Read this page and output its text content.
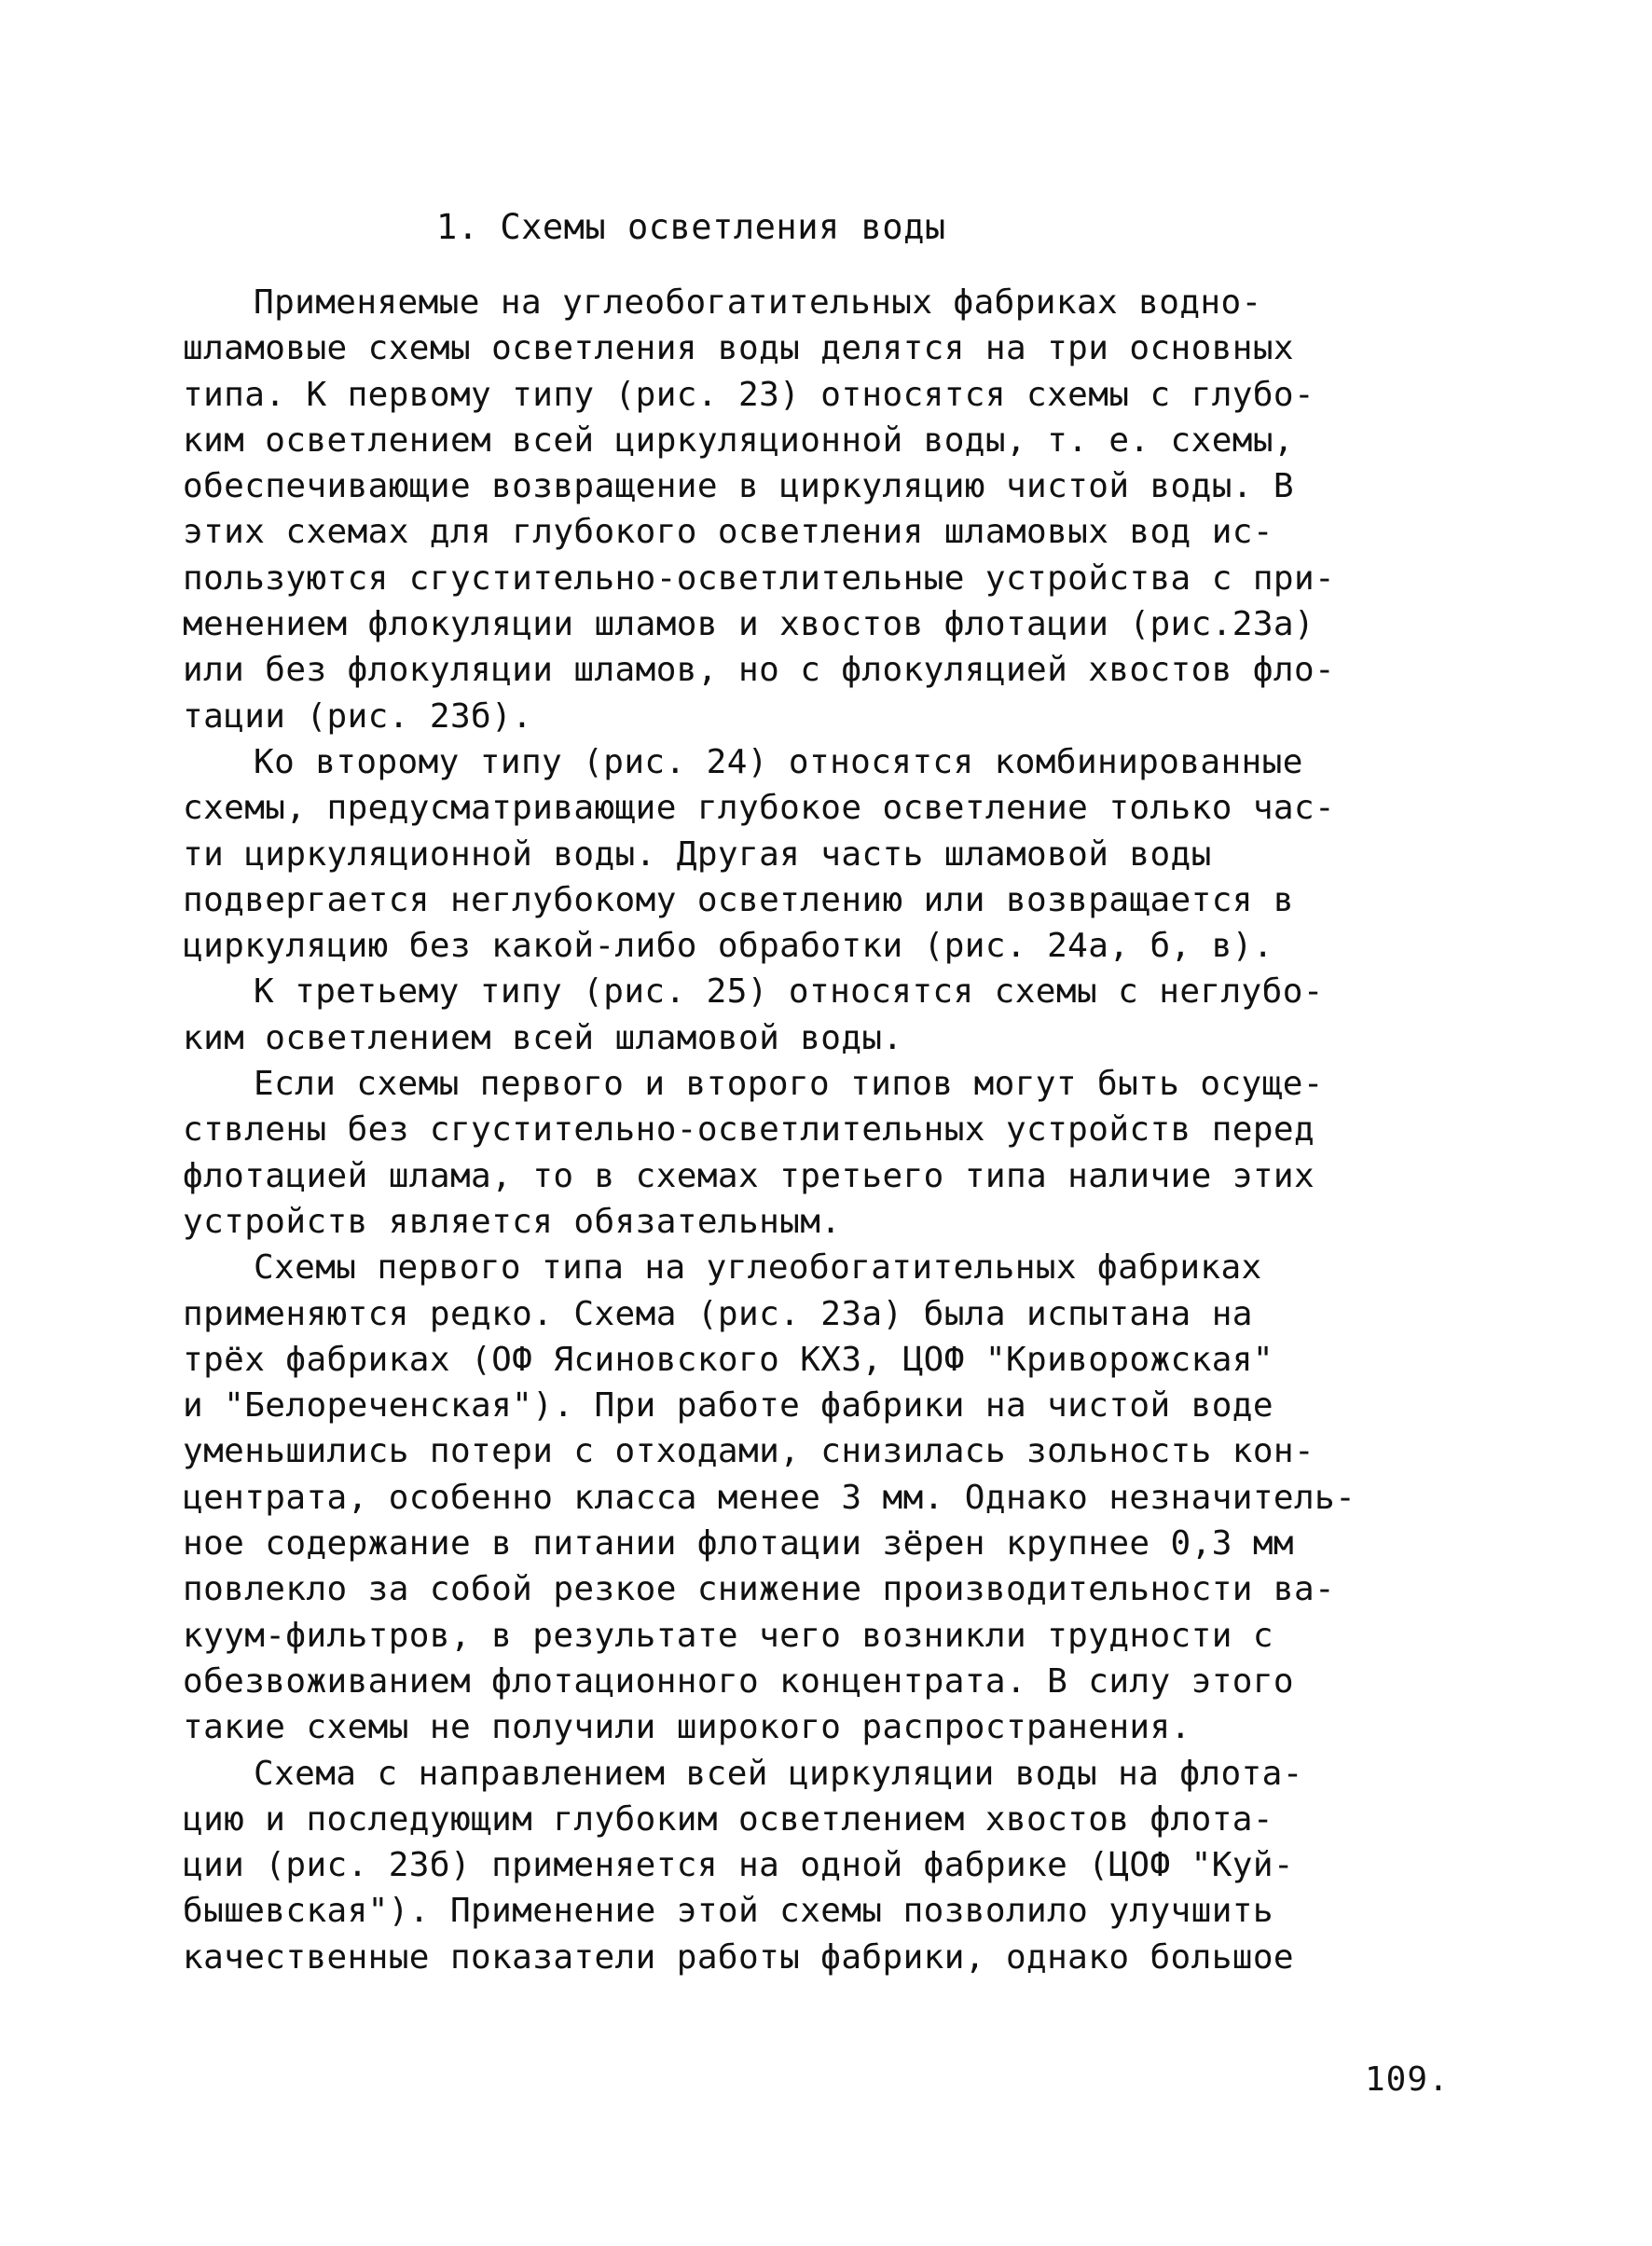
1. Схемы осветления воды
Применяемые на углеобогатительных фабриках водно-
шламовые схемы осветления воды делятся на три основных
типа. К первому типу (рис. 23) относятся схемы с глубо-
ким осветлением всей циркуляционной воды, т. е. схемы,
обеспечивающие возвращение в циркуляцию чистой воды. В
этих схемах для глубокого осветления шламовых вод ис-
пользуются сгустительно-осветлительные устройства с при-
менением флокуляции шламов и хвостов флотации (рис.23а)
или без флокуляции шламов, но с флокуляцией хвостов фло-
тации (рис. 23б).
Ко второму типу (рис. 24) относятся комбинированные
схемы, предусматривающие глубокое осветление только час-
ти циркуляционной воды. Другая часть шламовой воды
подвергается неглубокому осветлению или возвращается в
циркуляцию без какой-либо обработки (рис. 24а, б, в).
К третьему типу (рис. 25) относятся схемы с неглубо-
ким осветлением всей шламовой воды.
Если схемы первого и второго типов могут быть осуще-
ствлены без сгустительно-осветлительных устройств перед
флотацией шлама, то в схемах третьего типа наличие этих
устройств является обязательным.
Схемы первого типа на углеобогатительных фабриках
применяются редко. Схема (рис. 23а) была испытана на
трёх фабриках (ОФ Ясиновского КХЗ, ЦОФ "Криворожская"
и "Белореченская"). При работе фабрики на чистой воде
уменьшились потери с отходами, снизилась зольность кон-
центрата, особенно класса менее 3 мм. Однако незначитель-
ное содержание в питании флотации зёрен крупнее 0,3 мм
повлекло за собой резкое снижение производительности ва-
куум-фильтров, в результате чего возникли трудности с
обезвоживанием флотационного концентрата. В силу этого
такие схемы не получили широкого распространения.
Схема с направлением всей циркуляции воды на флота-
цию и последующим глубоким осветлением хвостов флота-
ции (рис. 23б) применяется на одной фабрике (ЦОФ "Куй-
бышевская"). Применение этой схемы позволило улучшить
качественные показатели работы фабрики, однако большое
109.
